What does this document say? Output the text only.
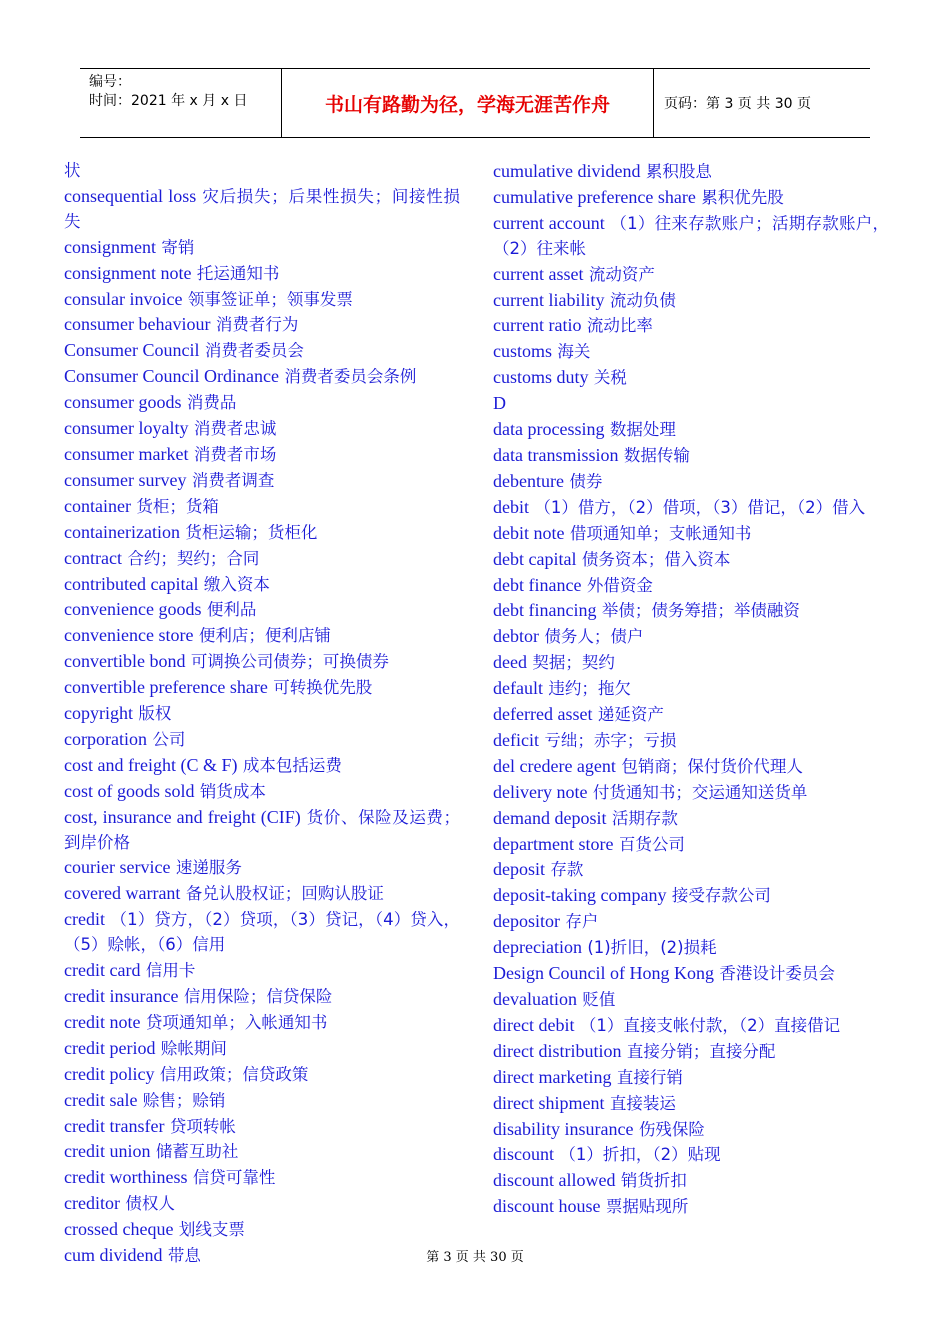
编号：
时间：2021 年 x 月 x 日	书山有路勤为径，学海无涯苦作舟	页码：第 3 页 共 30 页

状

consequential loss 灾后损失；后果性损失；间接性损失

consignment 寄销

consignment note 托运通知书

consular invoice 领事签证单；领事发票

consumer behaviour 消费者行为

Consumer Council 消费者委员会

Consumer Council Ordinance 消费者委员会条例

consumer goods 消费品

consumer loyalty 消费者忠诚

consumer market 消费者市场

consumer survey 消费者调查

container 货柜；货箱

containerization 货柜运输；货柜化

contract 合约；契约；合同

contributed capital 缴入资本

convenience goods 便利品

convenience store 便利店；便利店铺

convertible bond 可调换公司债券；可换债券

convertible preference share 可转换优先股

copyright 版权

corporation 公司

cost and freight (C & F) 成本包括运费

cost of goods sold 销货成本

cost, insurance and freight (CIF) 货价、保险及运费；到岸价格

courier service 速递服务

covered warrant 备兑认股权证；回购认股证

credit （1）贷方，（2）贷项，（3）贷记，（4）贷入，（5）赊帐，（6）信用

credit card 信用卡

credit insurance 信用保险；信贷保险

credit note 贷项通知单；入帐通知书

credit period 赊帐期间

credit policy 信用政策；信贷政策

credit sale 赊售；赊销

credit transfer 贷项转帐

credit union 储蓄互助社

credit worthiness 信贷可靠性

creditor 债权人

crossed cheque 划线支票

cum dividend 带息

cumulative dividend 累积股息

cumulative preference share 累积优先股

current account （1）往来存款账户；活期存款账户，（2）往来帐

current asset 流动资产

current liability 流动负债

current ratio 流动比率

customs 海关

customs duty 关税

D

data processing 数据处理

data transmission 数据传输

debenture 债券

debit （1）借方，（2）借项，（3）借记，（2）借入

debit note 借项通知单；支帐通知书

debt capital 债务资本；借入资本

debt finance 外借资金

debt financing 举债；债务筹措；举债融资

debtor 债务人；债户

deed 契据；契约

default 违约；拖欠

deferred asset 递延资产

deficit 亏绌；赤字；亏损

del credere agent 包销商；保付货价代理人

delivery note 付货通知书；交运通知送货单

demand deposit 活期存款

department store 百货公司

deposit 存款

deposit-taking company 接受存款公司

depositor 存户

depreciation (1)折旧，(2)损耗

Design Council of Hong Kong 香港设计委员会

devaluation 贬值

direct debit （1）直接支帐付款，（2）直接借记

direct distribution 直接分销；直接分配

direct marketing 直接行销

direct shipment 直接装运

disability insurance 伤残保险

discount （1）折扣，（2）贴现

discount allowed 销货折扣

discount house 票据贴现所

第 3 页 共 30 页
